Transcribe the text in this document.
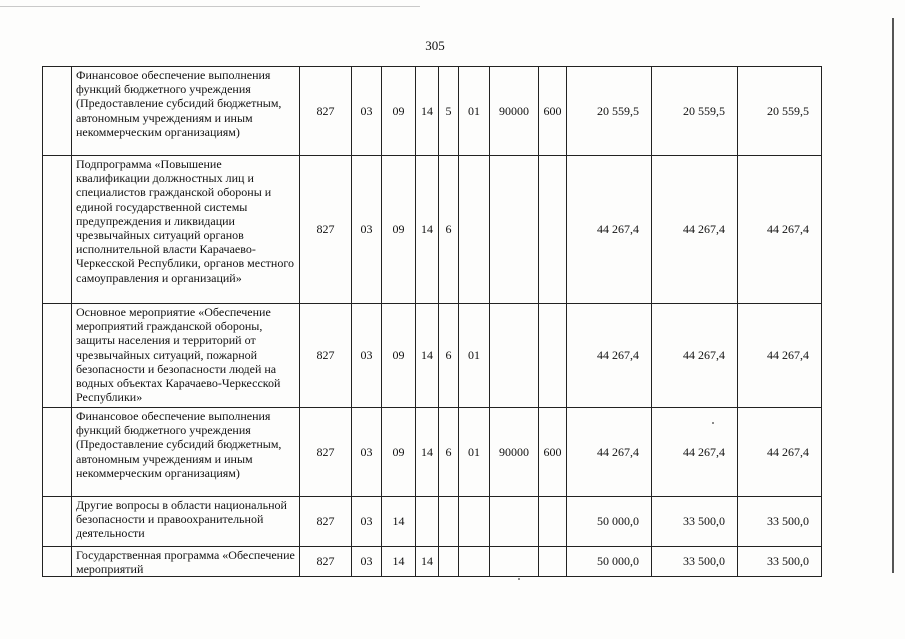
305
	Финансовое обеспечение выполнения функций бюджетного учреждения (Предоставление субсидий бюджетным, автономным учреждениям и иным некоммерческим организациям)	827	03	09	14	5	01	90000	600	20 559,5	20 559,5	20 559,5
	Подпрограмма «Повышение квалификации должностных лиц и специалистов гражданской обороны и единой государственной системы предупреждения и ликвидации чрезвычайных ситуаций органов исполнительной власти Карачаево-Черкесской Республики, органов местного самоуправления и организаций»	827	03	09	14	6				44 267,4	44 267,4	44 267,4
	Основное мероприятие «Обеспечение мероприятий гражданской обороны, защиты населения и территорий от чрезвычайных ситуаций, пожарной безопасности и безопасности людей на водных объектах Карачаево-Черкесской Республики»	827	03	09	14	6	01			44 267,4	44 267,4	44 267,4
	Финансовое обеспечение выполнения функций бюджетного учреждения (Предоставление субсидий бюджетным, автономным учреждениям и иным некоммерческим организациям)	827	03	09	14	6	01	90000	600	44 267,4	44 267,4	44 267,4
	Другие вопросы в области национальной безопасности и правоохранительной деятельности	827	03	14						50 000,0	33 500,0	33 500,0
	Государственная программа «Обеспечение мероприятий	827	03	14	14					50 000,0	33 500,0	33 500,0
